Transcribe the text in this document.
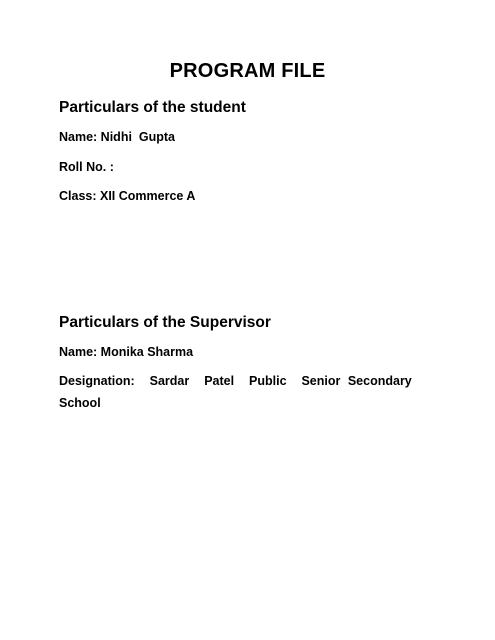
PROGRAM FILE
Particulars of the student
Name: Nidhi  Gupta
Roll No. :
Class: XII Commerce A
Particulars of the Supervisor
Name: Monika Sharma
Designation:  Sardar  Patel  Public  Senior Secondary
School
